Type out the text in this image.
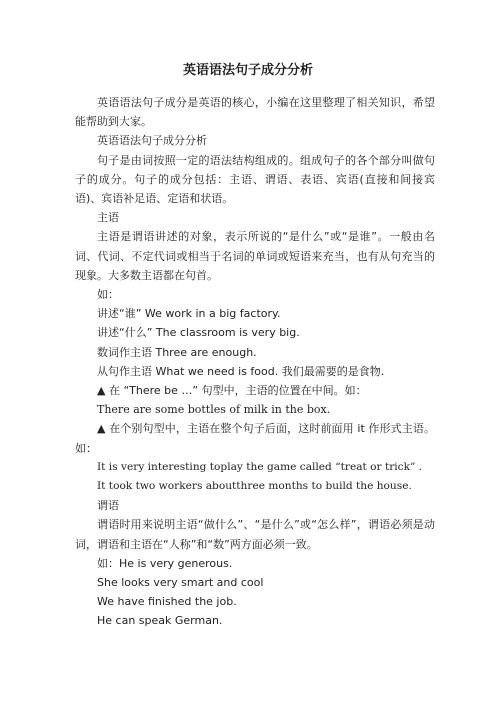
英语语法句子成分分析

英语语法句子成分是英语的核心，小编在这里整理了相关知识，希望能帮助到大家。

英语语法句子成分分析

句子是由词按照一定的语法结构组成的。组成句子的各个部分叫做句子的成分。句子的成分包括：主语、谓语、表语、宾语(直接和间接宾语)、宾语补足语、定语和状语。

主语

主语是谓语讲述的对象，表示所说的“是什么”或“是谁”。一般由名词、代词、不定代词或相当于名词的单词或短语来充当，也有从句充当的现象。大多数主语都在句首。

如：

讲述“谁” We work in a big factory.

讲述“什么” The classroom is very big.

数词作主语 Three are enough.

从句作主语 What we need is food. 我们最需要的是食物.

▲ 在 “There be …” 句型中，主语的位置在中间。如：

There are some bottles of milk in the box.

▲ 在个别句型中，主语在整个句子后面，这时前面用 it 作形式主语。如：

It is very interesting toplay the game called “treat or trick” .

It took two workers aboutthree months to build the house.

谓语

谓语时用来说明主语“做什么”、“是什么”或“怎么样”，谓语必须是动词，谓语和主语在“人称”和“数”两方面必须一致。

如：He is very generous.

She looks very smart and cool

We have finished the job.

He can speak German.
